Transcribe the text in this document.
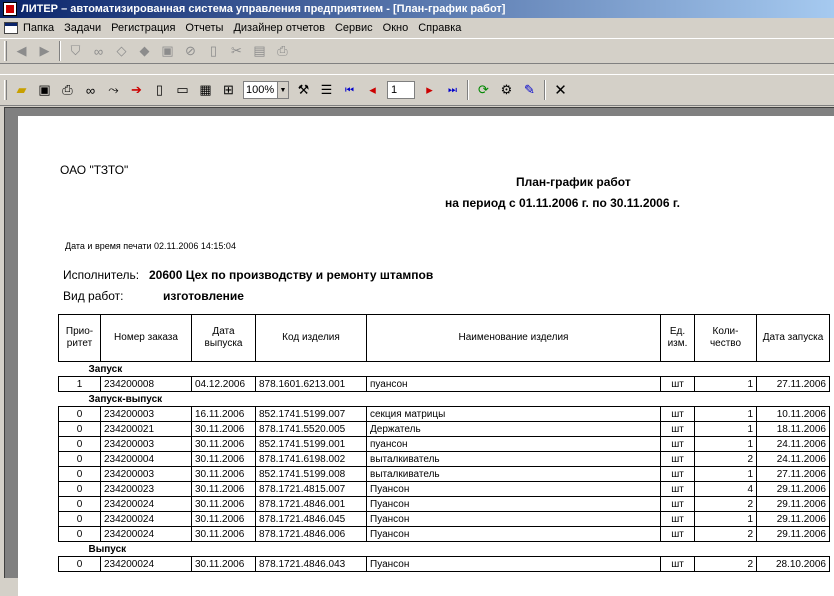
ЛИТЕР – автоматизированная система управления предприятием - [План-график работ]
Папка Задачи Регистрация Отчеты Дизайнер отчетов Сервис Окно Справка
◀	▶	⛉	∞	◇	◆ ▣ ⊘	▯	✂ ▤ ⎙
▰ ▣ ⎙	∞	⤳ ➔	▯	▭ ▦ ⊞	100% ▼ ⚒ ☰	⏮	◂	1	▸	⏭	⟳ ⚙ ✎	✕
ОАО "ТЗТО"
План-график работ
на период с 01.11.2006 г. по 30.11.2006 г.
Дата и время печати 02.11.2006 14:15:04
Исполнитель: 20600 Цех по производству и ремонту штампов
Вид работ:	изготовление
Прио-ритет	Номер заказа	Дата выпуска	Код изделия	Наименование изделия	Ед. изм.	Коли-чество	Дата запуска
Запуск							
1	234200008	04.12.2006	878.1601.6213.001	пуансон	шт	1	27.11.2006
Запуск-выпуск							
0	234200003	16.11.2006	852.1741.5199.007	секция матрицы	шт	1	10.11.2006
0	234200021	30.11.2006	878.1741.5520.005	Держатель	шт	1	18.11.2006
0	234200003	30.11.2006	852.1741.5199.001	пуансон	шт	1	24.11.2006
0	234200004	30.11.2006	878.1741.6198.002	выталкиватель	шт	2	24.11.2006
0	234200003	30.11.2006	852.1741.5199.008	выталкиватель	шт	1	27.11.2006
0	234200023	30.11.2006	878.1721.4815.007	Пуансон	шт	4	29.11.2006
0	234200024	30.11.2006	878.1721.4846.001	Пуансон	шт	2	29.11.2006
0	234200024	30.11.2006	878.1721.4846.045	Пуансон	шт	1	29.11.2006
0	234200024	30.11.2006	878.1721.4846.006	Пуансон	шт	2	29.11.2006
Выпуск							
0	234200024	30.11.2006	878.1721.4846.043	Пуансон	шт	2	28.10.2006
